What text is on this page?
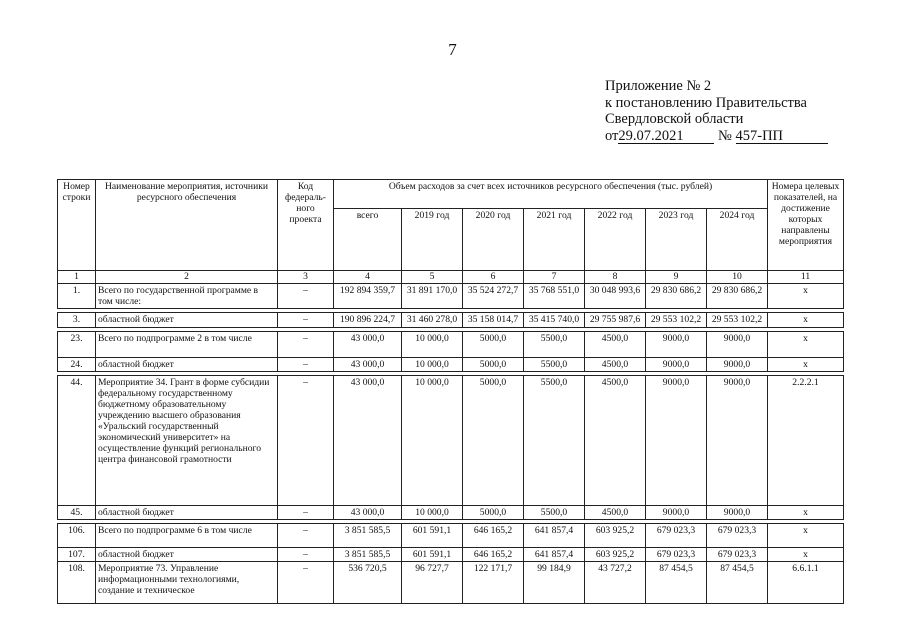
7
Приложение № 2
к постановлению Правительства
Свердловской области
от29.07.2021 № 457-ПП
Номер строки	Наименование мероприятия, источники ресурсного обеспечения	Код федераль-ного проекта	Объем расходов за счет всех источников ресурсного обеспечения (тыс. рублей)							Номера целевых показателей, на достижение которых направлены мероприятия
			всего	2019 год	2020 год	2021 год	2022 год	2023 год	2024 год	
1	2	3	4	5	6	7	8	9	10	11
1.	Всего по государственной программе в том числе:	–	192 894 359,7	31 891 170,0	35 524 272,7	35 768 551,0	30 048 993,6	29 830 686,2	29 830 686,2	х

3.	областной бюджет	–	190 896 224,7	31 460 278,0	35 158 014,7	35 415 740,0	29 755 987,6	29 553 102,2	29 553 102,2	х

23.	Всего по подпрограмме 2 в том числе	–	43 000,0	10 000,0	5000,0	5500,0	4500,0	9000,0	9000,0	х
24.	областной бюджет	–	43 000,0	10 000,0	5000,0	5500,0	4500,0	9000,0	9000,0	х

44.	Мероприятие 34. Грант в форме субсидии федеральному государственному бюджетному образовательному учреждению высшего образования «Уральский государственный экономический университет» на осуществление функций регионального центра финансовой грамотности	–	43 000,0	10 000,0	5000,0	5500,0	4500,0	9000,0	9000,0	2.2.2.1
45.	областной бюджет	–	43 000,0	10 000,0	5000,0	5500,0	4500,0	9000,0	9000,0	х

106.	Всего по подпрограмме 6 в том числе	–	3 851 585,5	601 591,1	646 165,2	641 857,4	603 925,2	679 023,3	679 023,3	х
107.	областной бюджет	–	3 851 585,5	601 591,1	646 165,2	641 857,4	603 925,2	679 023,3	679 023,3	х
108.	Мероприятие 73. Управление информационными технологиями, создание и техническое	–	536 720,5	96 727,7	122 171,7	99 184,9	43 727,2	87 454,5	87 454,5	6.6.1.1
